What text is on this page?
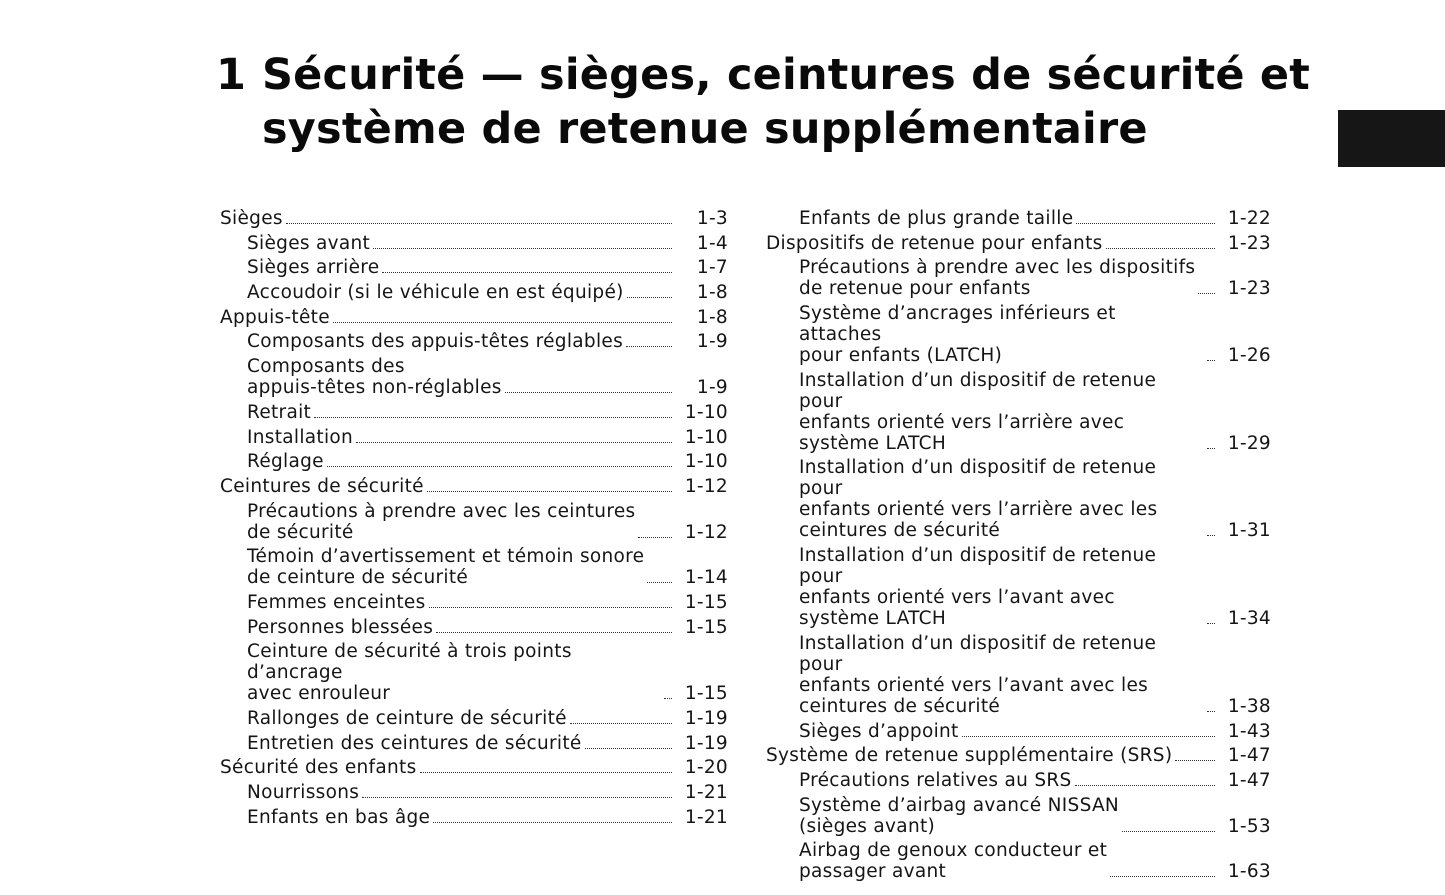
1 Sécurité — sièges, ceintures de sécurité et
système de retenue supplémentaire
Sièges	1-3
Sièges avant	1-4
Sièges arrière	1-7
Accoudoir (si le véhicule en est équipé)	1-8
Appuis-tête	1-8
Composants des appuis-têtes réglables	1-9
Composants des
appuis-têtes non-réglables	1-9
Retrait	1-10
Installation	1-10
Réglage	1-10
Ceintures de sécurité	1-12
Précautions à prendre avec les ceintures
de sécurité	1-12
Témoin d’avertissement et témoin sonore
de ceinture de sécurité	1-14
Femmes enceintes	1-15
Personnes blessées	1-15
Ceinture de sécurité à trois points d’ancrage
avec enrouleur	1-15
Rallonges de ceinture de sécurité	1-19
Entretien des ceintures de sécurité	1-19
Sécurité des enfants	1-20
Nourrissons	1-21
Enfants en bas âge	1-21
Enfants de plus grande taille	1-22
Dispositifs de retenue pour enfants	1-23
Précautions à prendre avec les dispositifs
de retenue pour enfants	1-23
Système d’ancrages inférieurs et attaches
pour enfants (LATCH)	1-26
Installation d’un dispositif de retenue pour
enfants orienté vers l’arrière avec
système LATCH	1-29
Installation d’un dispositif de retenue pour
enfants orienté vers l’arrière avec les
ceintures de sécurité	1-31
Installation d’un dispositif de retenue pour
enfants orienté vers l’avant avec
système LATCH	1-34
Installation d’un dispositif de retenue pour
enfants orienté vers l’avant avec les
ceintures de sécurité	1-38
Sièges d’appoint	1-43
Système de retenue supplémentaire (SRS)	1-47
Précautions relatives au SRS	1-47
Système d’airbag avancé NISSAN
(sièges avant)	1-53
Airbag de genoux conducteur et
passager avant	1-63
